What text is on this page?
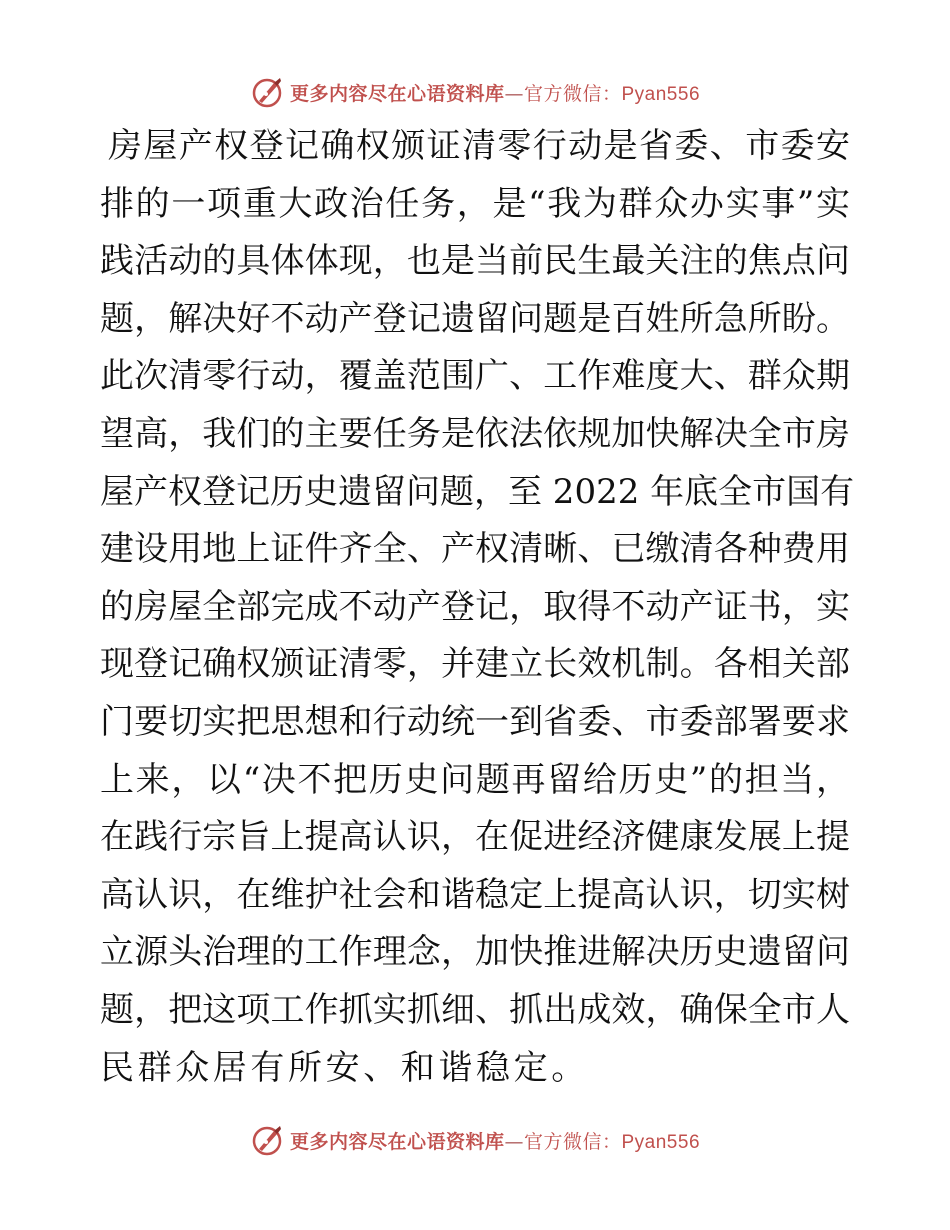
更多内容尽在心语资料库—官方微信：Pyan556
房屋产权登记确权颁证清零行动是省委、市委安
排的一项重大政治任务，是“我为群众办实事”实
践活动的具体体现，也是当前民生最关注的焦点问
题，解决好不动产登记遗留问题是百姓所急所盼。
此次清零行动，覆盖范围广、工作难度大、群众期
望高，我们的主要任务是依法依规加快解决全市房
屋产权登记历史遗留问题，至 2022 年底全市国有
建设用地上证件齐全、产权清晰、已缴清各种费用
的房屋全部完成不动产登记，取得不动产证书，实
现登记确权颁证清零，并建立长效机制。各相关部
门要切实把思想和行动统一到省委、市委部署要求
上来，以“决不把历史问题再留给历史”的担当，
在践行宗旨上提高认识，在促进经济健康发展上提
高认识，在维护社会和谐稳定上提高认识，切实树
立源头治理的工作理念，加快推进解决历史遗留问
题，把这项工作抓实抓细、抓出成效，确保全市人
民群众居有所安、和谐稳定。
更多内容尽在心语资料库—官方微信：Pyan556
